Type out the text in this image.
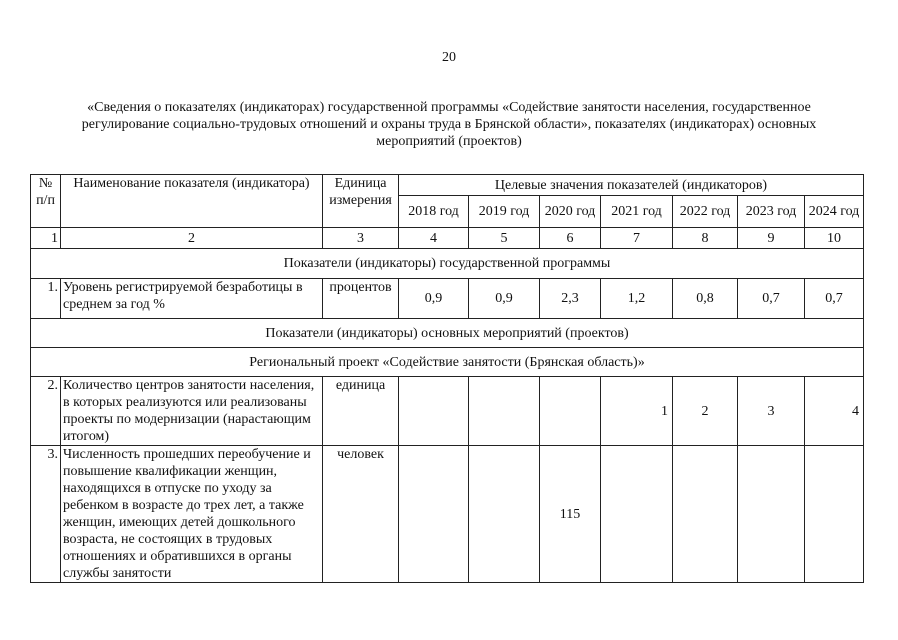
20
«Сведения о показателях (индикаторах) государственной программы «Содействие занятости населения, государственное регулирование социально-трудовых отношений и охраны труда в Брянской области», показателях (индикаторах) основных мероприятий (проектов)
№ п/п	Наименование показателя (индикатора)	Единица измерения	Целевые значения показателей (индикаторов)						
			2018 год	2019 год	2020 год	2021 год	2022 год	2023 год	2024 год
1	2	3	4	5	6	7	8	9	10
Показатели (индикаторы) государственной программы									
1.	Уровень регистрируемой безработицы в среднем за год %	процентов	0,9	0,9	2,3	1,2	0,8	0,7	0,7
Показатели (индикаторы) основных мероприятий (проектов)									
Региональный проект «Содействие занятости (Брянская область)»									
2.	Количество центров занятости населения, в которых реализуются или реализованы проекты по модернизации (нарастающим итогом)	единица				1	2	3	4
3.	Численность прошедших переобучение и повышение квалификации женщин, находящихся в отпуске по уходу за ребенком в возрасте до трех лет, а также женщин, имеющих детей дошкольного возраста, не состоящих в трудовых отношениях и обратившихся в органы службы занятости	человек			115				
